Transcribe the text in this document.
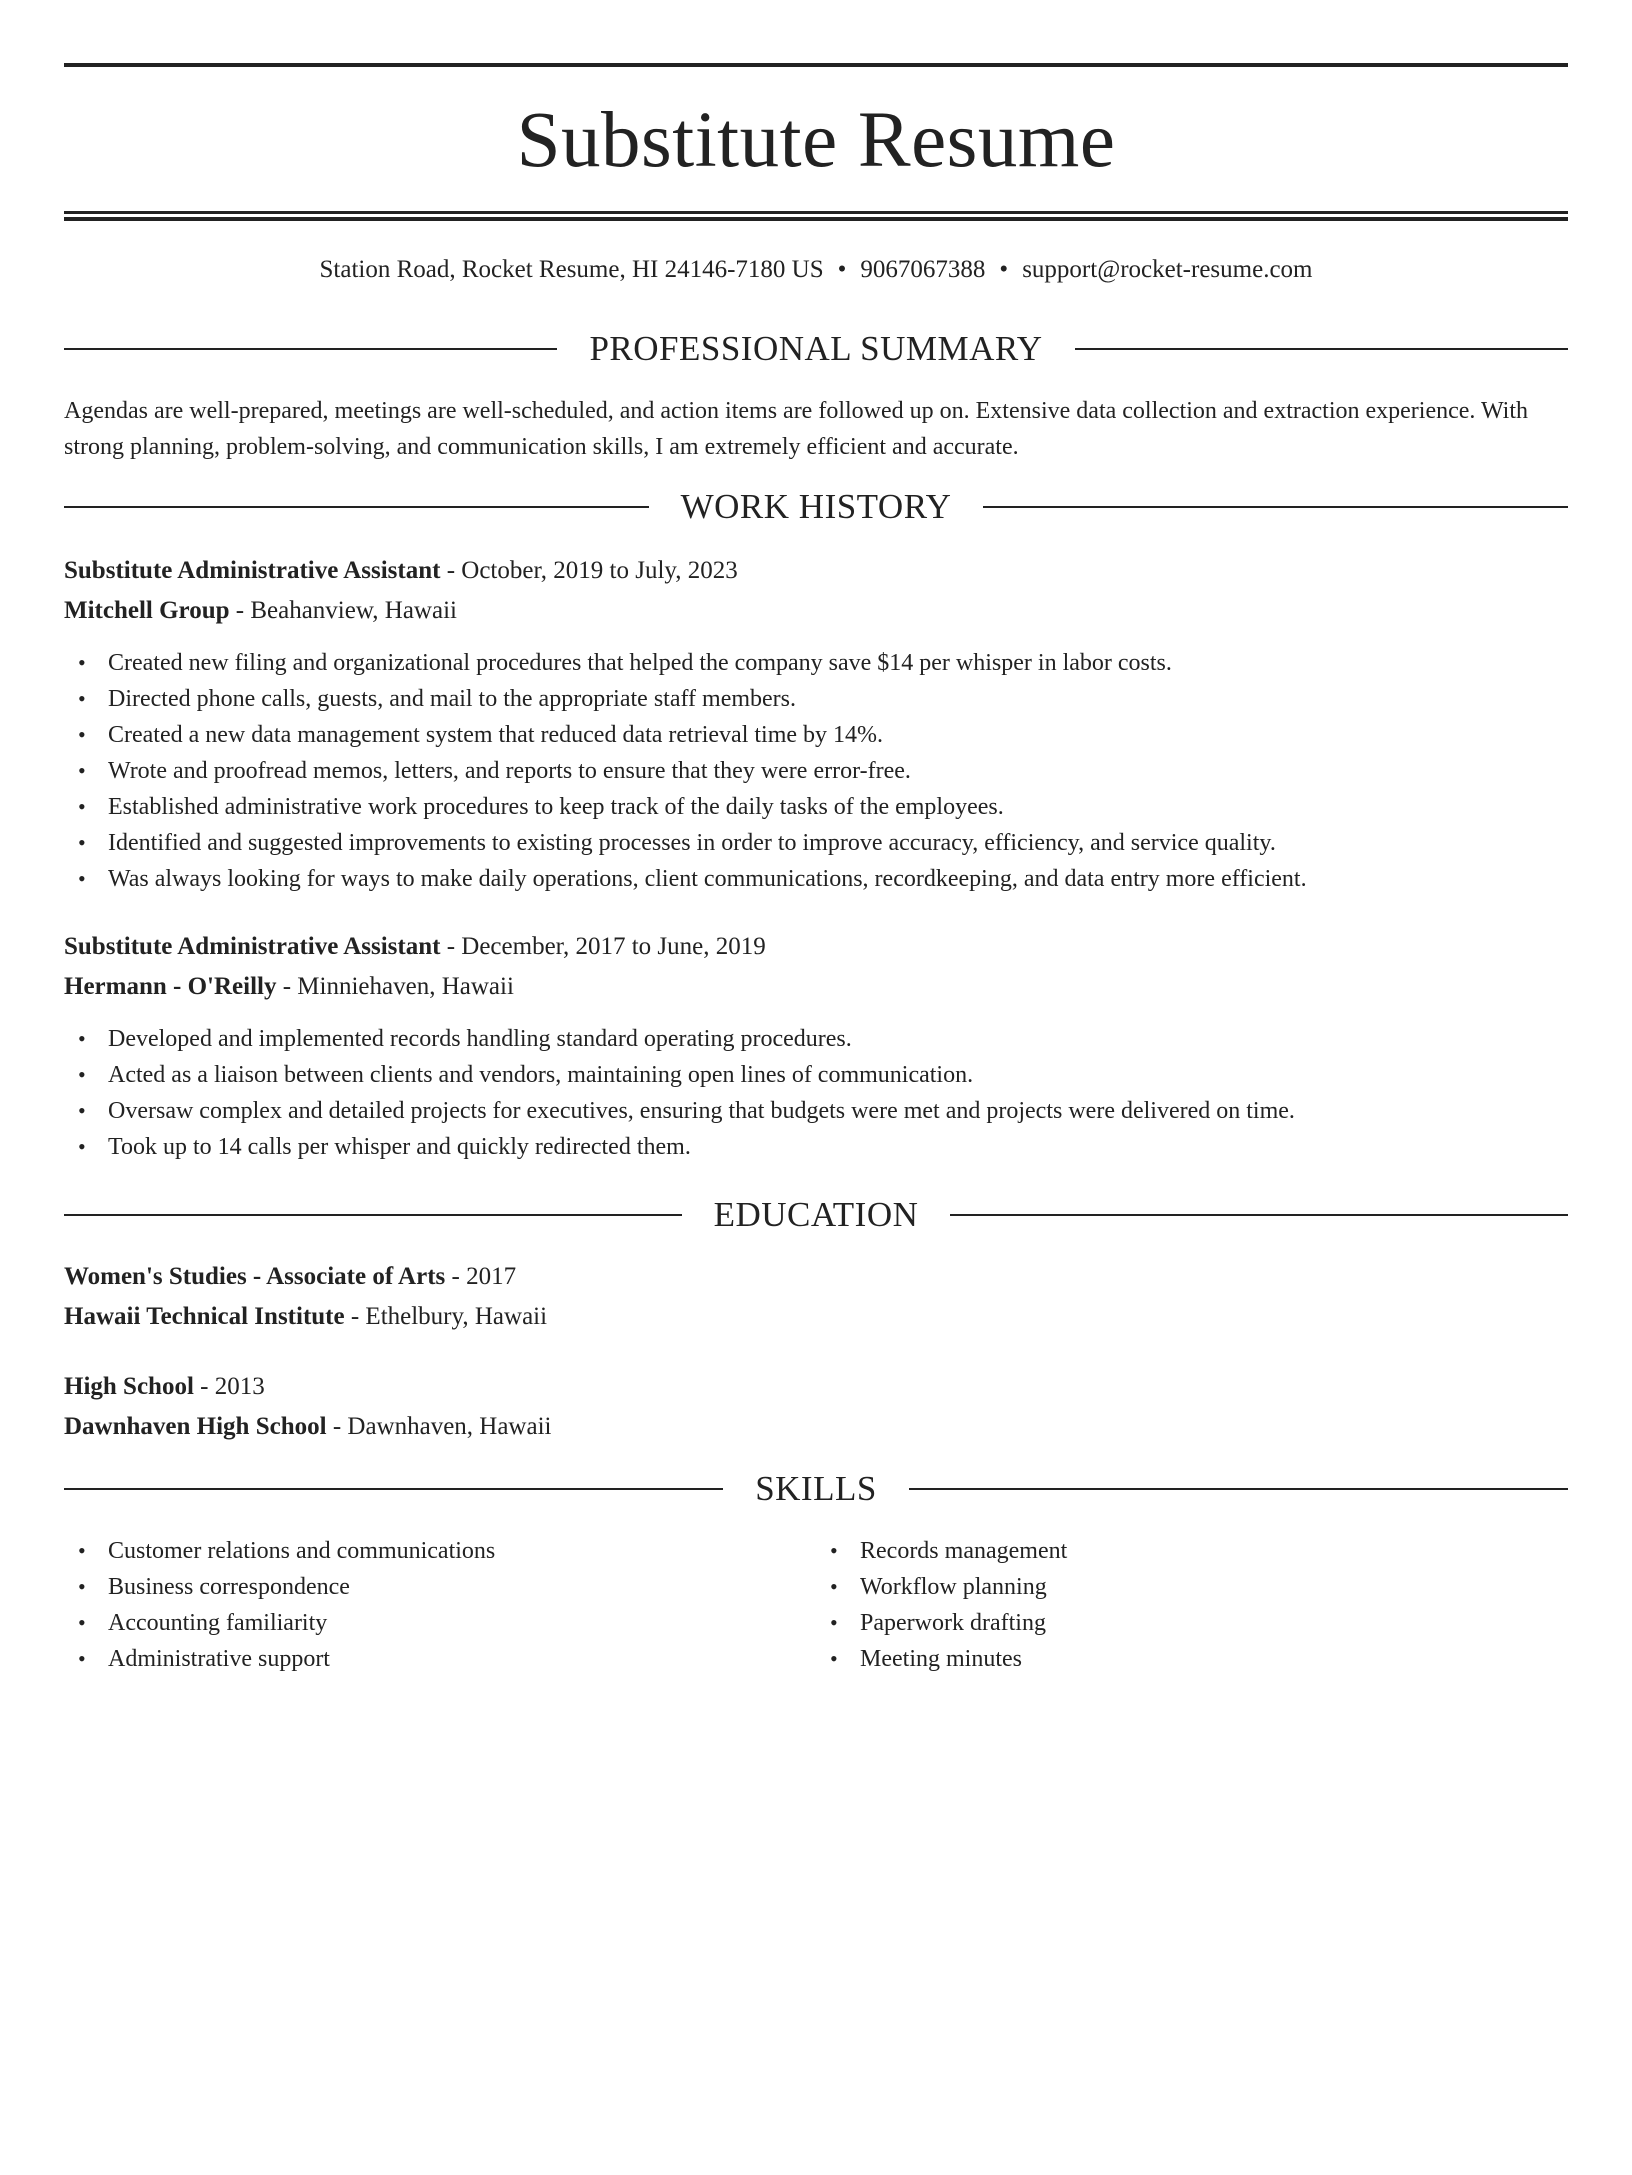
Substitute Resume
Station Road, Rocket Resume, HI 24146-7180 US • 9067067388 • support@rocket-resume.com
PROFESSIONAL SUMMARY
Agendas are well-prepared, meetings are well-scheduled, and action items are followed up on. Extensive data collection and extraction experience. With strong planning, problem-solving, and communication skills, I am extremely efficient and accurate.
WORK HISTORY
Substitute Administrative Assistant - October, 2019 to July, 2023
Mitchell Group - Beahanview, Hawaii
• Created new filing and organizational procedures that helped the company save $14 per whisper in labor costs.
• Directed phone calls, guests, and mail to the appropriate staff members.
• Created a new data management system that reduced data retrieval time by 14%.
• Wrote and proofread memos, letters, and reports to ensure that they were error-free.
• Established administrative work procedures to keep track of the daily tasks of the employees.
• Identified and suggested improvements to existing processes in order to improve accuracy, efficiency, and service quality.
• Was always looking for ways to make daily operations, client communications, recordkeeping, and data entry more efficient.
Substitute Administrative Assistant - December, 2017 to June, 2019
Hermann - O'Reilly - Minniehaven, Hawaii
• Developed and implemented records handling standard operating procedures.
• Acted as a liaison between clients and vendors, maintaining open lines of communication.
• Oversaw complex and detailed projects for executives, ensuring that budgets were met and projects were delivered on time.
• Took up to 14 calls per whisper and quickly redirected them.
EDUCATION
Women's Studies - Associate of Arts - 2017
Hawaii Technical Institute - Ethelbury, Hawaii
High School - 2013
Dawnhaven High School - Dawnhaven, Hawaii
SKILLS
• Customer relations and communications
• Business correspondence
• Accounting familiarity
• Administrative support
• Records management
• Workflow planning
• Paperwork drafting
• Meeting minutes
